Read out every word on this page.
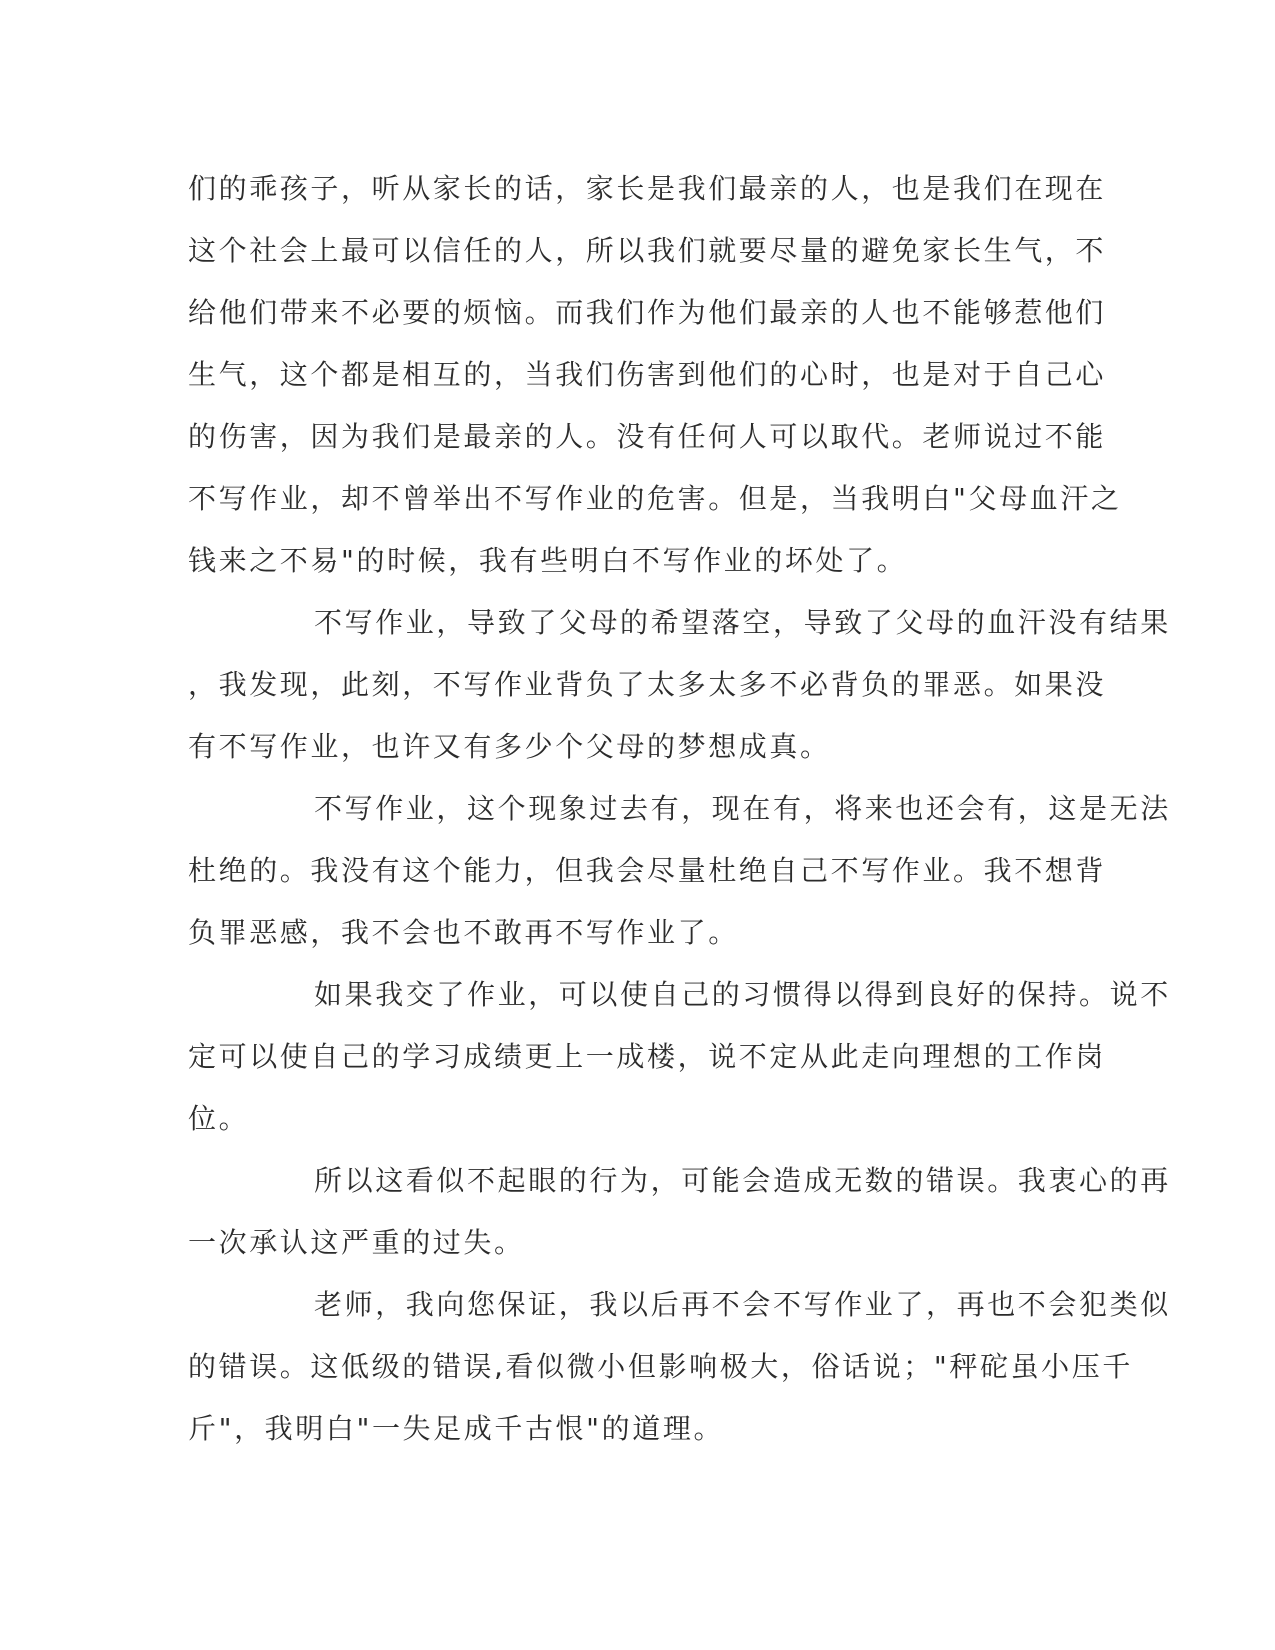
们的乖孩子，听从家长的话，家长是我们最亲的人，也是我们在现在
这个社会上最可以信任的人，所以我们就要尽量的避免家长生气，不
给他们带来不必要的烦恼。而我们作为他们最亲的人也不能够惹他们
生气，这个都是相互的，当我们伤害到他们的心时，也是对于自己心
的伤害，因为我们是最亲的人。没有任何人可以取代。老师说过不能
不写作业，却不曾举出不写作业的危害。但是，当我明白"父母血汗之
钱来之不易"的时候，我有些明白不写作业的坏处了。

不写作业，导致了父母的希望落空，导致了父母的血汗没有结果

，我发现，此刻，不写作业背负了太多太多不必背负的罪恶。如果没
有不写作业，也许又有多少个父母的梦想成真。

不写作业，这个现象过去有，现在有，将来也还会有，这是无法

杜绝的。我没有这个能力，但我会尽量杜绝自己不写作业。我不想背
负罪恶感，我不会也不敢再不写作业了。

如果我交了作业，可以使自己的习惯得以得到良好的保持。说不

定可以使自己的学习成绩更上一成楼，说不定从此走向理想的工作岗
位。

所以这看似不起眼的行为，可能会造成无数的错误。我衷心的再

一次承认这严重的过失。

老师，我向您保证，我以后再不会不写作业了，再也不会犯类似

的错误。这低级的错误,看似微小但影响极大，俗话说；"秤砣虽小压千
斤"，我明白"一失足成千古恨"的道理。
